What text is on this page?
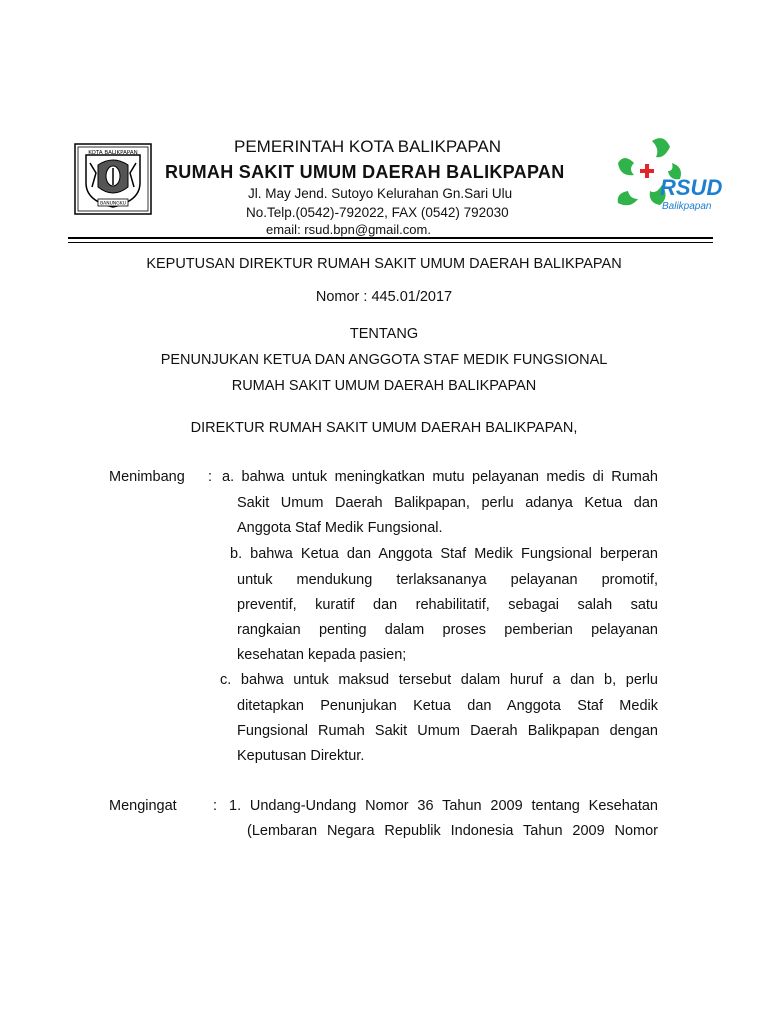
KOTA BALIKPAPAN
BANUNGKU
PEMERINTAH KOTA BALIKPAPAN
RUMAH SAKIT UMUM DAERAH BALIKPAPAN
Jl. May Jend. Sutoyo Kelurahan Gn.Sari Ulu
No.Telp.(0542)-792022, FAX (0542) 792030
email: rsud.bpn@gmail.com.
RSUD
Balikpapan
KEPUTUSAN DIREKTUR RUMAH SAKIT UMUM DAERAH BALIKPAPAN
Nomor : 445.01/2017
TENTANG
PENUNJUKAN KETUA DAN ANGGOTA STAF MEDIK FUNGSIONAL
RUMAH SAKIT UMUM DAERAH BALIKPAPAN
DIREKTUR RUMAH SAKIT UMUM DAERAH BALIKPAPAN,
Menimbang : a. bahwa untuk meningkatkan mutu pelayanan medis di Rumah
Sakit Umum Daerah Balikpapan, perlu adanya Ketua dan
Anggota Staf Medik Fungsional.
b. bahwa Ketua dan Anggota Staf Medik Fungsional berperan
untuk mendukung terlaksananya pelayanan promotif,
preventif, kuratif dan rehabilitatif, sebagai salah satu
rangkaian penting dalam proses pemberian pelayanan
kesehatan kepada pasien;
c. bahwa untuk maksud tersebut dalam huruf a dan b, perlu
ditetapkan Penunjukan Ketua dan Anggota Staf Medik
Fungsional Rumah Sakit Umum Daerah Balikpapan dengan
Keputusan Direktur.
Mengingat	: 1. Undang-Undang Nomor 36 Tahun 2009 tentang Kesehatan
(Lembaran Negara Republik Indonesia Tahun 2009 Nomor
